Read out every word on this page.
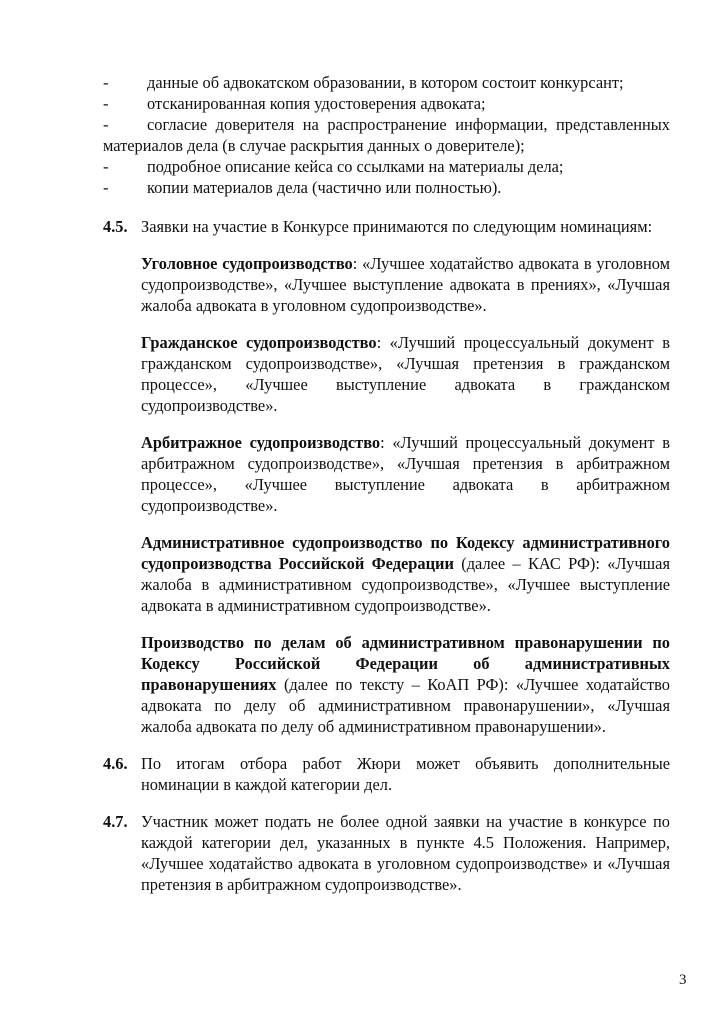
- данные об адвокатском образовании, в котором состоит конкурсант;
- отсканированная копия удостоверения адвоката;
- согласие доверителя на распространение информации, представленных материалов дела (в случае раскрытия данных о доверителе);
- подробное описание кейса со ссылками на материалы дела;
- копии материалов дела (частично или полностью).
4.5. Заявки на участие в Конкурсе принимаются по следующим номинациям:
Уголовное судопроизводство: «Лучшее ходатайство адвоката в уголовном судопроизводстве», «Лучшее выступление адвоката в прениях», «Лучшая жалоба адвоката в уголовном судопроизводстве».
Гражданское судопроизводство: «Лучший процессуальный документ в гражданском судопроизводстве», «Лучшая претензия в гражданском процессе», «Лучшее выступление адвоката в гражданском судопроизводстве».
Арбитражное судопроизводство: «Лучший процессуальный документ в арбитражном судопроизводстве», «Лучшая претензия в арбитражном процессе», «Лучшее выступление адвоката в арбитражном судопроизводстве».
Административное судопроизводство по Кодексу административного судопроизводства Российской Федерации (далее – КАС РФ): «Лучшая жалоба в административном судопроизводстве», «Лучшее выступление адвоката в административном судопроизводстве».
Производство по делам об административном правонарушении по Кодексу Российской Федерации об административных правонарушениях (далее по тексту – КоАП РФ): «Лучшее ходатайство адвоката по делу об административном правонарушении», «Лучшая жалоба адвоката по делу об административном правонарушении».
4.6. По итогам отбора работ Жюри может объявить дополнительные номинации в каждой категории дел.
4.7. Участник может подать не более одной заявки на участие в конкурсе по каждой категории дел, указанных в пункте 4.5 Положения. Например, «Лучшее ходатайство адвоката в уголовном судопроизводстве» и «Лучшая претензия в арбитражном судопроизводстве».
3
